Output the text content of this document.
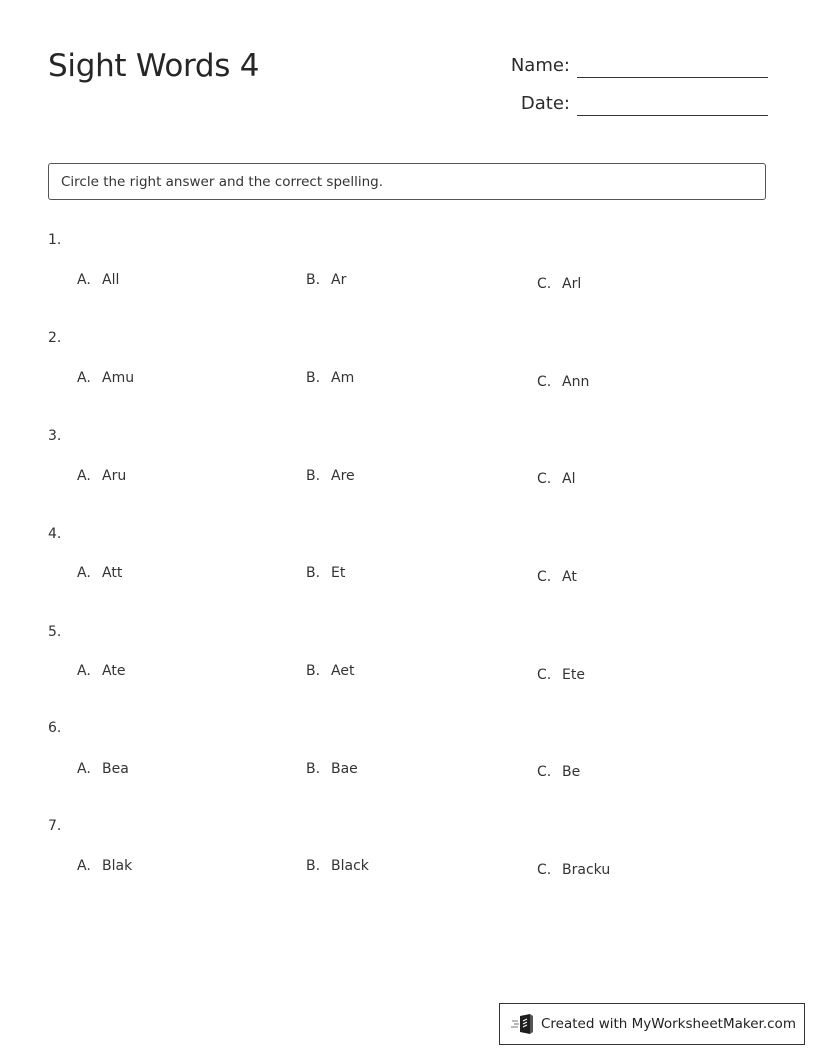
Sight Words 4	Name:
Date:
Circle the right answer and the correct spelling.
1.
A. All	B. Ar	C. Arl
2.
A. Amu	B. Am	C. Ann
3.
A. Aru	B. Are	C. Al
4.
A. Att	B. Et	C. At
5.
A. Ate	B. Aet	C. Ete
6.
A. Bea	B. Bae	C. Be
7.
A. Blak	B. Black	C. Bracku
Created with MyWorksheetMaker.com
